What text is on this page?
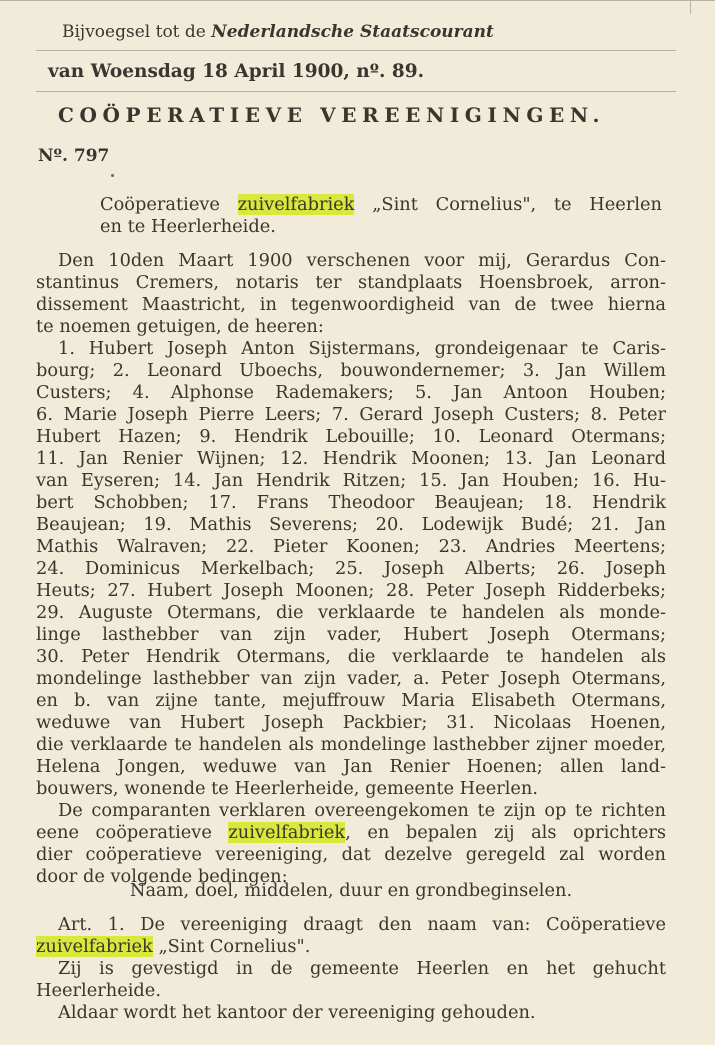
Bijvoegsel tot de Nederlandsche Staatscourant
van Woensdag 18 April 1900, nº. 89.
COÖPERATIEVE VEREENIGINGEN.
Nº. 797
Coöperatieve zuivelfabriek „Sint Cornelius", te Heerlen
en te Heerlerheide.
Den 10den Maart 1900 verschenen voor mij, Gerardus Con-
stantinus Cremers, notaris ter standplaats Hoensbroek, arron-
dissement Maastricht, in tegenwoordigheid van de twee hierna
te noemen getuigen, de heeren:
1. Hubert Joseph Anton Sijstermans, grondeigenaar te Caris-
bourg; 2. Leonard Uboechs, bouwondernemer; 3. Jan Willem
Custers; 4. Alphonse Rademakers; 5. Jan Antoon Houben;
6. Marie Joseph Pierre Leers; 7. Gerard Joseph Custers; 8. Peter
Hubert Hazen; 9. Hendrik Lebouille; 10. Leonard Otermans;
11. Jan Renier Wijnen; 12. Hendrik Moonen; 13. Jan Leonard
van Eyseren; 14. Jan Hendrik Ritzen; 15. Jan Houben; 16. Hu-
bert Schobben; 17. Frans Theodoor Beaujean; 18. Hendrik
Beaujean; 19. Mathis Severens; 20. Lodewijk Budé; 21. Jan
Mathis Walraven; 22. Pieter Koonen; 23. Andries Meertens;
24. Dominicus Merkelbach; 25. Joseph Alberts; 26. Joseph
Heuts; 27. Hubert Joseph Moonen; 28. Peter Joseph Ridderbeks;
29. Auguste Otermans, die verklaarde te handelen als monde-
linge lasthebber van zijn vader, Hubert Joseph Otermans;
30. Peter Hendrik Otermans, die verklaarde te handelen als
mondelinge lasthebber van zijn vader, a. Peter Joseph Otermans,
en b. van zijne tante, mejuffrouw Maria Elisabeth Otermans,
weduwe van Hubert Joseph Packbier; 31. Nicolaas Hoenen,
die verklaarde te handelen als mondelinge lasthebber zijner moeder,
Helena Jongen, weduwe van Jan Renier Hoenen; allen land-
bouwers, wonende te Heerlerheide, gemeente Heerlen.
De comparanten verklaren overeengekomen te zijn op te richten
eene coöperatieve zuivelfabriek, en bepalen zij als oprichters
dier coöperatieve vereeniging, dat dezelve geregeld zal worden
door de volgende bedingen:
Naam, doel, middelen, duur en grondbeginselen.
Art. 1. De vereeniging draagt den naam van: Coöperatieve
zuivelfabriek „Sint Cornelius".
Zij is gevestigd in de gemeente Heerlen en het gehucht
Heerlerheide.
Aldaar wordt het kantoor der vereeniging gehouden.
